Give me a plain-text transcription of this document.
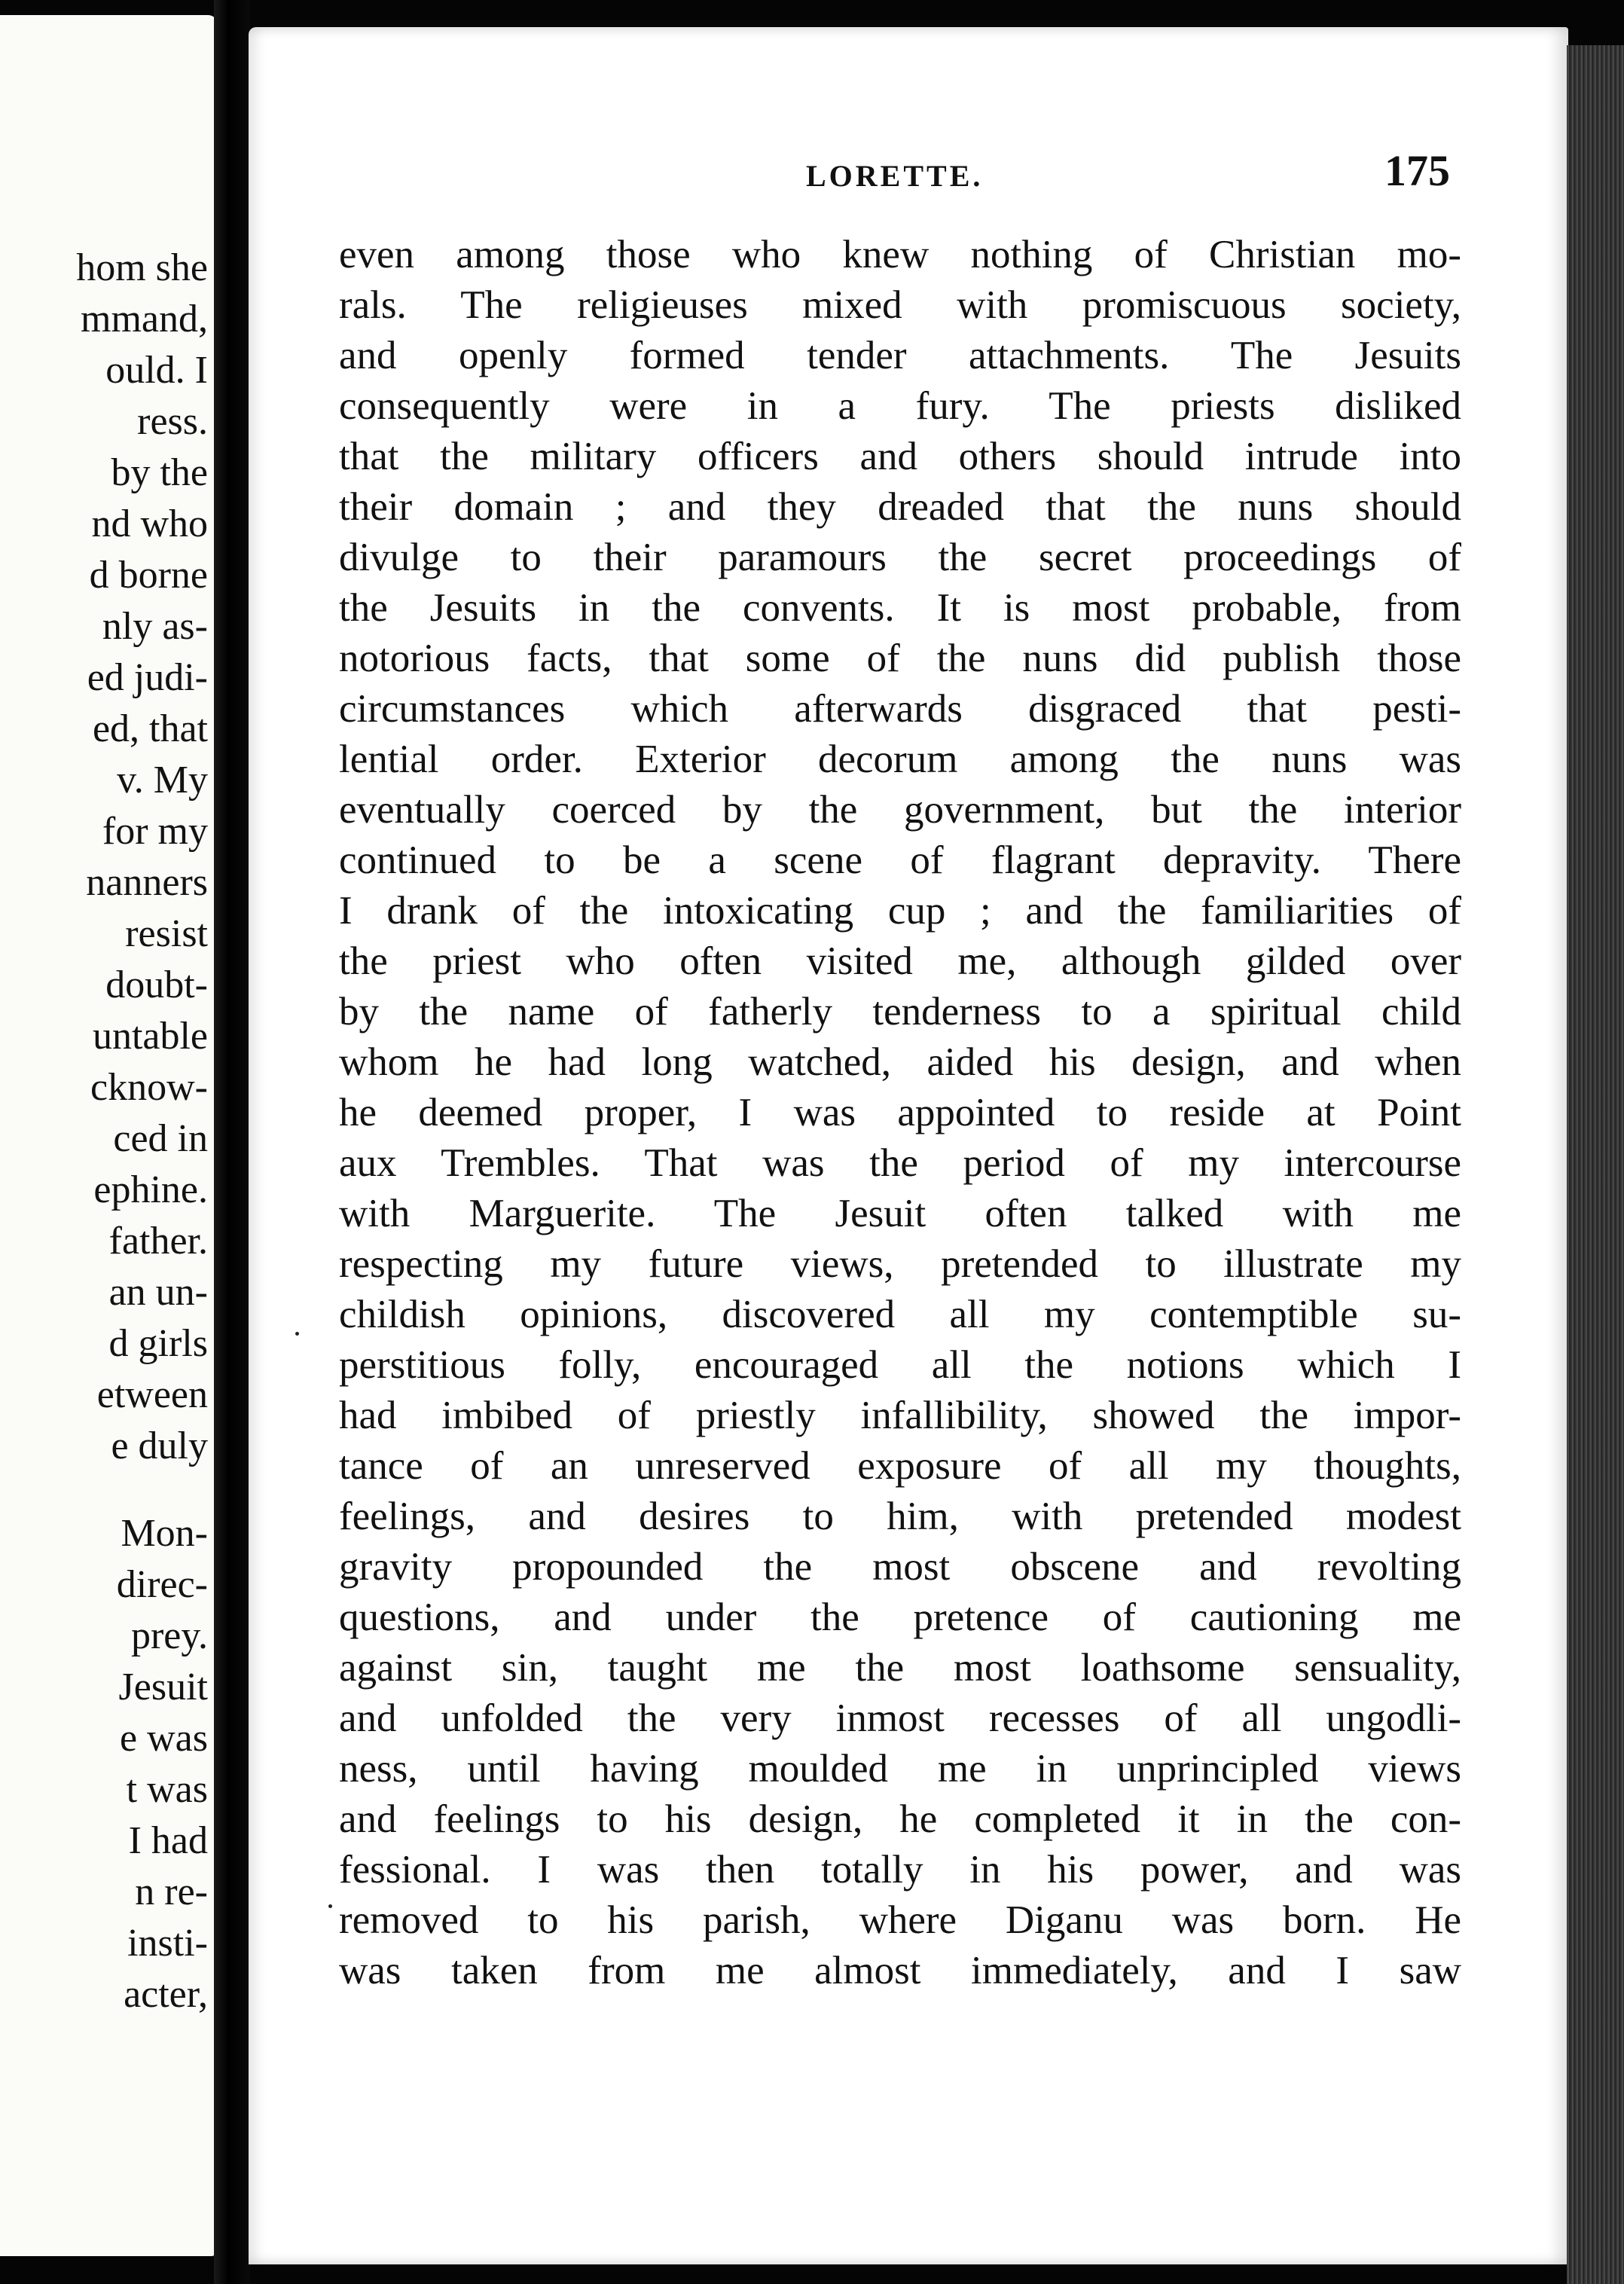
hom she
mmand,
ould. I
ress.
by the
nd who
d borne
nly as-
ed judi-
ed, that
v. My
for my
nanners
resist
doubt-
untable
cknow-
ced in
ephine.
father.
an un-
d girls
etween
e duly
Mon-
direc-
prey.
Jesuit
e was
t was
I had
n re-
insti-
acter,
LORETTE.	175
even among those who knew nothing of Christian mo-
rals. The religieuses mixed with promiscuous society,
and openly formed tender attachments. The Jesuits
consequently were in a fury. The priests disliked
that the military officers and others should intrude into
their domain ; and they dreaded that the nuns should
divulge to their paramours the secret proceedings of
the Jesuits in the convents. It is most probable, from
notorious facts, that some of the nuns did publish those
circumstances which afterwards disgraced that pesti-
lential order. Exterior decorum among the nuns was
eventually coerced by the government, but the interior
continued to be a scene of flagrant depravity. There
I drank of the intoxicating cup ; and the familiarities of
the priest who often visited me, although gilded over
by the name of fatherly tenderness to a spiritual child
whom he had long watched, aided his design, and when
he deemed proper, I was appointed to reside at Point
aux Trembles. That was the period of my intercourse
with Marguerite. The Jesuit often talked with me
respecting my future views, pretended to illustrate my
childish opinions, discovered all my contemptible su-
perstitious folly, encouraged all the notions which I
had imbibed of priestly infallibility, showed the impor-
tance of an unreserved exposure of all my thoughts,
feelings, and desires to him, with pretended modest
gravity propounded the most obscene and revolting
questions, and under the pretence of cautioning me
against sin, taught me the most loathsome sensuality,
and unfolded the very inmost recesses of all ungodli-
ness, until having moulded me in unprincipled views
and feelings to his design, he completed it in the con-
fessional. I was then totally in his power, and was
removed to his parish, where Diganu was born. He
was taken from me almost immediately, and I saw
